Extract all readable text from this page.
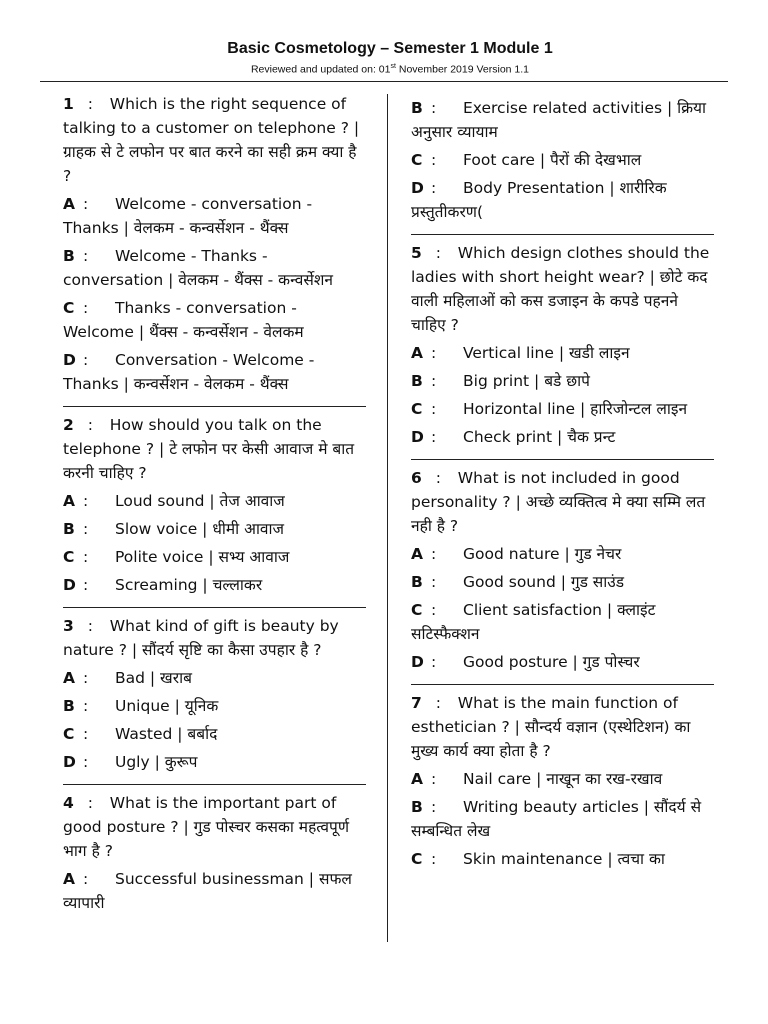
Basic Cosmetology – Semester 1 Module 1
Reviewed and updated on: 01st November 2019 Version 1.1
1 : Which is the right sequence of talking to a customer on telephone ? | ग्राहक से टे लफोन पर बात करने का सही क्रम क्या है ?
A : Welcome - conversation - Thanks | वेलकम - कन्वर्सेशन - थैंक्स
B : Welcome - Thanks - conversation | वेलकम - थैंक्स - कन्वर्सेशन
C : Thanks - conversation - Welcome | थैंक्स - कन्वर्सेशन - वेलकम
D : Conversation - Welcome - Thanks | कन्वर्सेशन - वेलकम - थैंक्स
2 : How should you talk on the telephone ? | टे लफोन पर केसी आवाज मे बात करनी चाहिए ?
A : Loud sound | तेज आवाज
B : Slow voice | धीमी आवाज
C : Polite voice | सभ्य आवाज
D : Screaming | चल्लाकर
3 : What kind of gift is beauty by nature ? | सौंदर्य सृष्टि का कैसा उपहार है ?
A : Bad | खराब
B : Unique | यूनिक
C : Wasted | बर्बाद
D : Ugly | कुरूप
4 : What is the important part of good posture ? | गुड पोस्चर कसका महत्वपूर्ण भाग है ?
A : Successful businessman | सफल व्यापारी
B : Exercise related activities | क्रिया अनुसार व्यायाम
C : Foot care | पैरों की देखभाल
D : Body Presentation | शारीरिक प्रस्तुतीकरण(
5 : Which design clothes should the ladies with short height wear? | छोटे कद वाली महिलाओं को कस डजाइन के कपडे पहनने चाहिए ?
A : Vertical line | खडी लाइन
B : Big print | बडे छापे
C : Horizontal line | हारिजोन्टल लाइन
D : Check print | चैक प्रन्ट
6 : What is not included in good personality ? | अच्छे व्यक्तित्व मे क्या सम्मि लत नही है ?
A : Good nature | गुड नेचर
B : Good sound | गुड साउंड
C : Client satisfaction | क्लाइंट सटिस्फैक्शन
D : Good posture | गुड पोस्चर
7 : What is the main function of esthetician ? | सौन्दर्य वज्ञान (एस्थेटिशन) का मुख्य कार्य क्या होता है ?
A : Nail care | नाखून का रख-रखाव
B : Writing beauty articles | सौंदर्य से सम्बन्धित लेख
C : Skin maintenance | त्वचा का
